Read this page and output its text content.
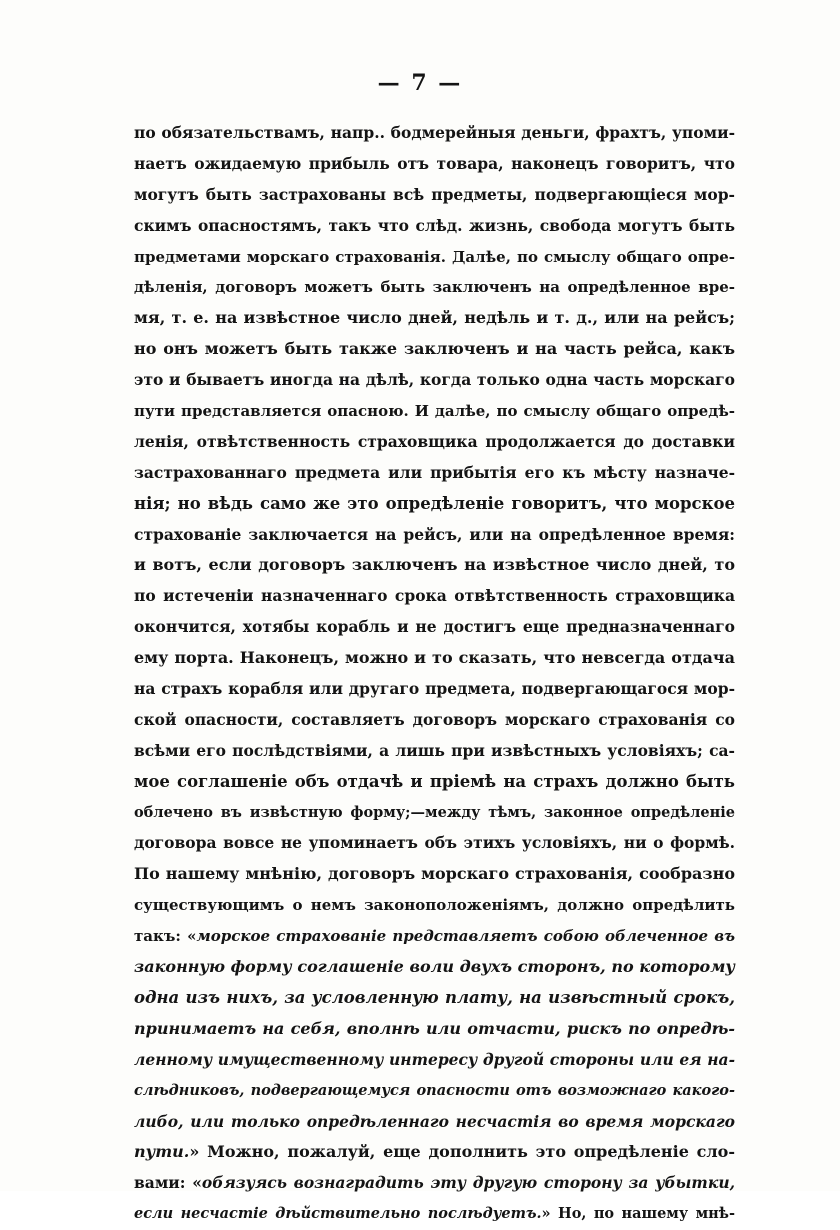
— 7 —
по обязательствамъ, напр.. бодмерейныя деньги, фрахтъ, упоми-
наетъ ожидаемую прибыль отъ товара, наконецъ говоритъ, что
могутъ быть застрахованы всѣ предметы, подвергающіеся мор-
скимъ опасностямъ, такъ что слѣд. жизнь, свобода могутъ быть
предметами морскаго страхованія. Далѣе, по смыслу общаго опре-
дѣленія, договоръ можетъ быть заключенъ на опредѣленное вре-
мя, т. е. на извѣстное число дней, недѣль и т. д., или на рейсъ;
но онъ можетъ быть также заключенъ и на часть рейса, какъ
это и бываетъ иногда на дѣлѣ, когда только одна часть морскаго
пути представляется опасною. И далѣе, по смыслу общаго опредѣ-
ленія, отвѣтственность страховщика продолжается до доставки
застрахованнаго предмета или прибытія его къ мѣсту назначе-
нія; но вѣдь само же это опредѣленіе говоритъ, что морское
страхованіе заключается на рейсъ, или на опредѣленное время:
и вотъ, если договоръ заключенъ на извѣстное число дней, то
по истеченіи назначеннаго срока отвѣтственность страховщика
окончится, хотябы корабль и не достигъ еще предназначеннаго
ему порта. Наконецъ, можно и то сказать, что невсегда отдача
на страхъ корабля или другаго предмета, подвергающагося мор-
ской опасности, составляетъ договоръ морскаго страхованія со
всѣми его послѣдствіями, а лишь при извѣстныхъ условіяхъ; са-
мое соглашеніе объ отдачѣ и пріемѣ на страхъ должно быть
облечено въ извѣстную форму;—между тѣмъ, законное опредѣленіе
договора вовсе не упоминаетъ объ этихъ условіяхъ, ни о формѣ.
По нашему мнѣнію, договоръ морскаго страхованія, сообразно
существующимъ о немъ законоположеніямъ, должно опредѣлить
такъ: «морское страхованіе представляетъ собою облеченное въ
законную форму соглашеніе воли двухъ сторонъ, по которому
одна изъ нихъ, за условленную плату, на извѣстный срокъ,
принимаетъ на себя, вполнѣ или отчасти, рискъ по опредѣ-
ленному имущественному интересу другой стороны или ея на-
слѣдниковъ, подвергающемуся опасности отъ возможнаго какого-
либо, или только опредѣленнаго несчастія во время морскаго
пути.» Можно, пожалуй, еще дополнить это опредѣленіе сло-
вами: «обязуясь вознаградить эту другую сторону за убытки,
если несчастіе дѣйствительно послѣдуетъ.» Но, по нашему мнѣ-
